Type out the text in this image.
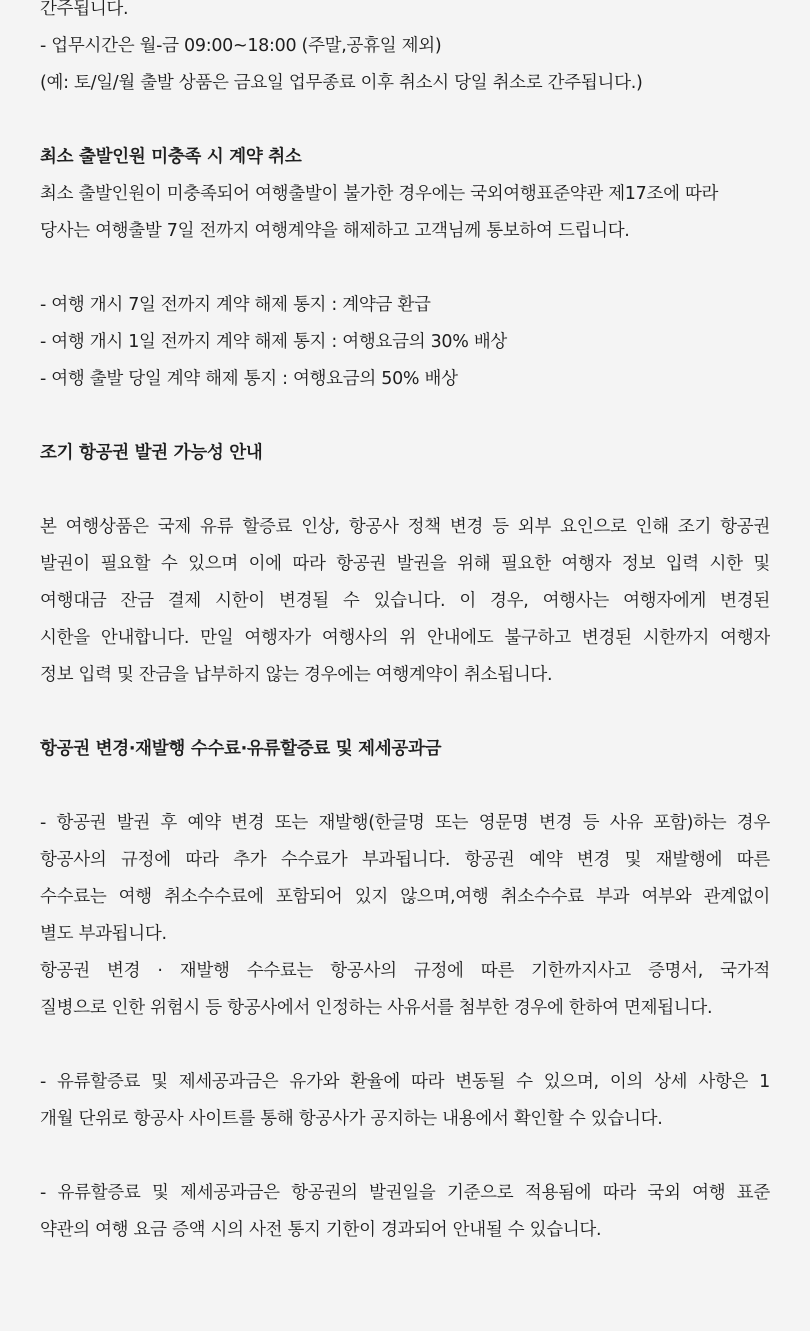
간주됩니다.
- 업무시간은 월-금 09:00~18:00 (주말,공휴일 제외)
(예: 토/일/월 출발 상품은 금요일 업무종료 이후 취소시 당일 취소로 간주됩니다.)
최소 출발인원 미충족 시 계약 취소
최소 출발인원이 미충족되어 여행출발이 불가한 경우에는 국외여행표준약관 제17조에 따라
당사는 여행출발 7일 전까지 여행계약을 해제하고 고객님께 통보하여 드립니다.
- 여행 개시 7일 전까지 계약 해제 통지 : 계약금 환급
- 여행 개시 1일 전까지 계약 해제 통지 : 여행요금의 30% 배상
- 여행 출발 당일 계약 해제 통지 : 여행요금의 50% 배상
조기 항공권 발권 가능성 안내
본 여행상품은 국제 유류 할증료 인상, 항공사 정책 변경 등 외부 요인으로 인해 조기 항공권
발권이 필요할 수 있으며 이에 따라 항공권 발권을 위해 필요한 여행자 정보 입력 시한 및
여행대금 잔금 결제 시한이 변경될 수 있습니다. 이 경우, 여행사는 여행자에게 변경된
시한을 안내합니다. 만일 여행자가 여행사의 위 안내에도 불구하고 변경된 시한까지 여행자
정보 입력 및 잔금을 납부하지 않는 경우에는 여행계약이 취소됩니다.
항공권 변경·재발행 수수료·유류할증료 및 제세공과금
- 항공권 발권 후 예약 변경 또는 재발행(한글명 또는 영문명 변경 등 사유 포함)하는 경우
항공사의 규정에 따라 추가 수수료가 부과됩니다. 항공권 예약 변경 및 재발행에 따른
수수료는 여행 취소수수료에 포함되어 있지 않으며,여행 취소수수료 부과 여부와 관계없이
별도 부과됩니다.
항공권 변경 · 재발행 수수료는 항공사의 규정에 따른 기한까지사고 증명서, 국가적
질병으로 인한 위험시 등 항공사에서 인정하는 사유서를 첨부한 경우에 한하여 면제됩니다.
- 유류할증료 및 제세공과금은 유가와 환율에 따라 변동될 수 있으며, 이의 상세 사항은 1
개월 단위로 항공사 사이트를 통해 항공사가 공지하는 내용에서 확인할 수 있습니다.
- 유류할증료 및 제세공과금은 항공권의 발권일을 기준으로 적용됨에 따라 국외 여행 표준
약관의 여행 요금 증액 시의 사전 통지 기한이 경과되어 안내될 수 있습니다.
